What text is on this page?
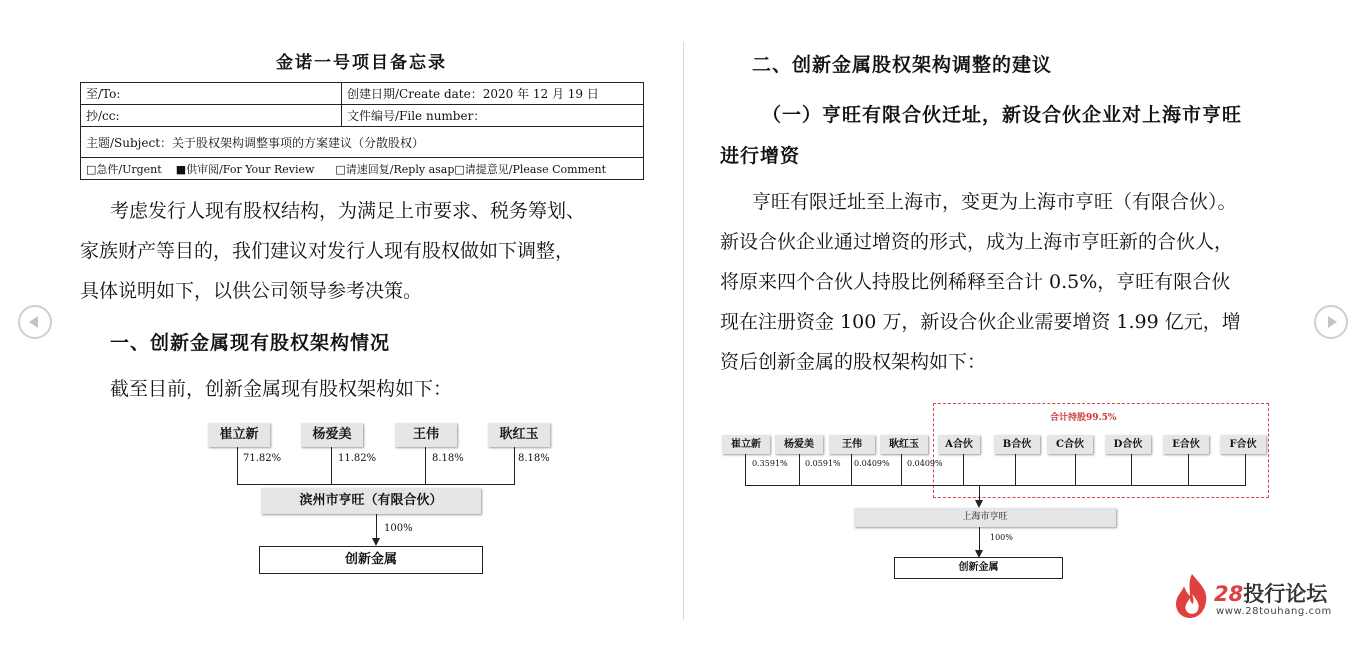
金诺一号项目备忘录
至/To:	创建日期/Create date：2020 年 12 月 19 日
抄/cc:	文件编号/File number：
主题/Subject：关于股权架构调整事项的方案建议（分散股权）	
□急件/Urgent ■供审阅/For Your Review □请速回复/Reply asap□请提意见/Please Comment	
考虑发行人现有股权结构，为满足上市要求、税务筹划、
家族财产等目的，我们建议对发行人现有股权做如下调整，
具体说明如下，以供公司领导参考决策。
一、创新金属现有股权架构情况
截至目前，创新金属现有股权架构如下：
崔立新	杨爱美	王伟	耿红玉
71.82%	11.82%	8.18%	8.18%
滨州市亨旺（有限合伙）
100%
创新金属
二、创新金属股权架构调整的建议
（一）亨旺有限合伙迁址，新设合伙企业对上海市亨旺
进行增资
亨旺有限迁址至上海市，变更为上海市亨旺（有限合伙）。
新设合伙企业通过增资的形式，成为上海市亨旺新的合伙人，
将原来四个合伙人持股比例稀释至合计 0.5%，亨旺有限合伙
现在注册资金 100 万，新设合伙企业需要增资 1.99 亿元，增
资后创新金属的股权架构如下：
合计持股99.5%
崔立新	杨爱美	王伟	耿红玉	A合伙	B合伙	C合伙	D合伙	E合伙	F合伙
0.3591% 0.0591% 0.0409% 0.0409%
上海市亨旺
100%
创新金属
28投行论坛
www.28touhang.com
